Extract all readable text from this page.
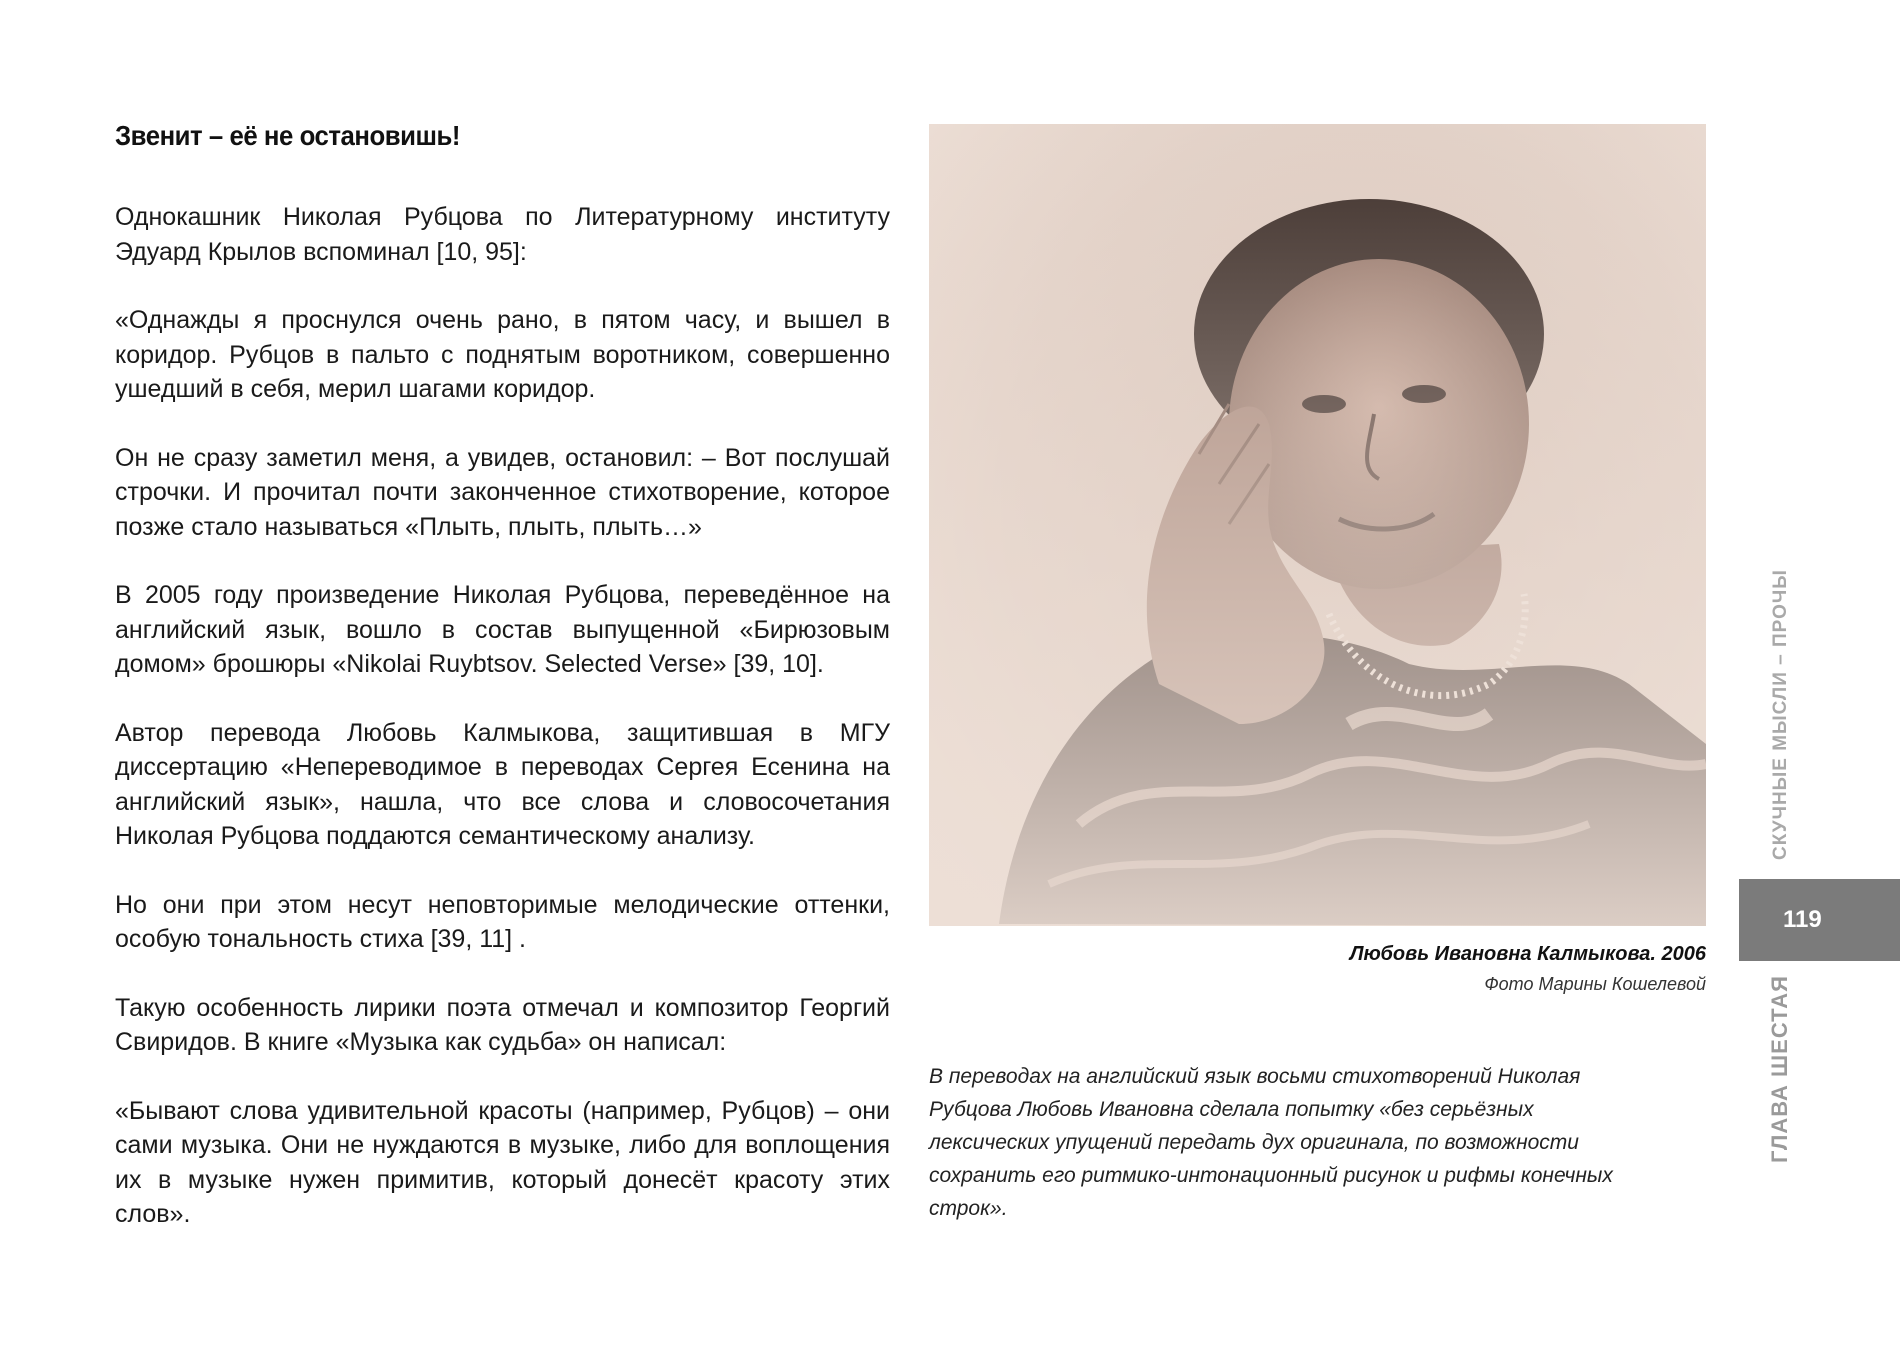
Звенит – её не остановишь!

Однокашник Николая Рубцова по Литературному институту Эдуард Крылов вспоминал [10, 95]:

«Однажды я проснулся очень рано, в пятом часу, и вышел в коридор. Рубцов в пальто с поднятым воротником, совершенно ушедший в себя, мерил шагами коридор.

Он не сразу заметил меня, а увидев, остановил: – Вот послушай строчки. И прочитал почти законченное стихотворение, которое позже стало называться «Плыть, плыть, плыть…»

В 2005 году произведение Николая Рубцова, переведённое на английский язык, вошло в состав выпущенной «Бирюзовым домом» брошюры «Nikolai Ruybtsov. Selected Verse» [39, 10].

Автор перевода Любовь Калмыкова, защитившая в МГУ диссертацию «Непереводимое в переводах Сергея Есенина на английский язык», нашла, что все слова и словосочетания Николая Рубцова поддаются семантическому анализу.

Но они при этом несут неповторимые мелодические оттенки, особую тональность стиха [39, 11] .

Такую особенность лирики поэта отмечал и композитор Георгий Свиридов. В книге «Музыка как судьба» он написал:

«Бывают слова удивительной красоты (например, Рубцов) – они сами музыка. Они не нуждаются в музыке, либо для воплощения их в музыке нужен примитив, который донесёт красоту этих слов».

Любовь Ивановна Калмыкова. 2006
Фото Марины Кошелевой

В переводах на английский язык восьми стихотворений Николая Рубцова Любовь Ивановна сделала попытку «без серьёзных лексических упущений передать дух оригинала, по возможности сохранить его ритмико-интонационный рисунок и рифмы конечных строк».

СКУЧНЫЕ МЫСЛИ – ПРОЧЫ
119
ГЛАВА ШЕСТАЯ
